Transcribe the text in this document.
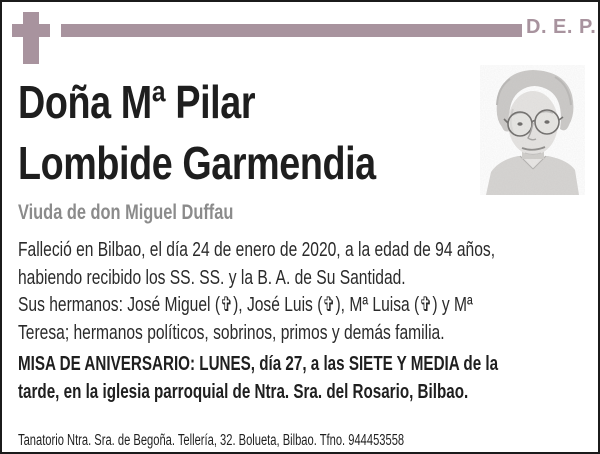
D. E. P.
Doña Mª Pilar
Lombide Garmendia
Viuda de don Miguel Duffau
Falleció en Bilbao, el día 24 de enero de 2020, a la edad de 94 años,
habiendo recibido los SS. SS. y la B. A. de Su Santidad.
Sus hermanos: José Miguel (✞), José Luis (✞), Mª Luisa (✞) y Mª
Teresa; hermanos políticos, sobrinos, primos y demás familia.
MISA DE ANIVERSARIO: LUNES, día 27, a las SIETE Y MEDIA de la
tarde, en la iglesia parroquial de Ntra. Sra. del Rosario, Bilbao.
Tanatorio Ntra. Sra. de Begoña. Tellería, 32. Bolueta, Bilbao. Tfno. 944453558
